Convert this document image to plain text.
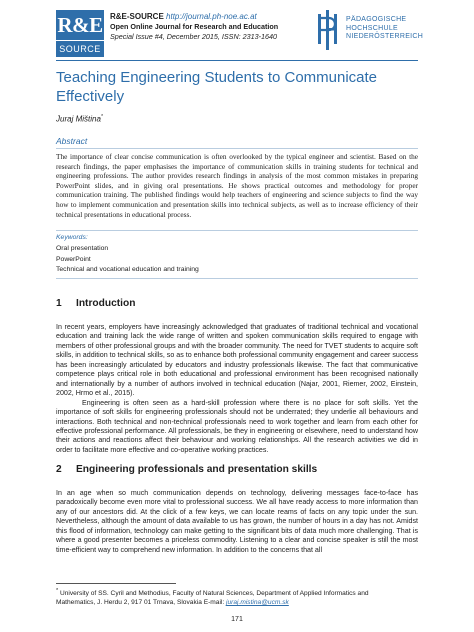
R&E
SOURCE
R&E-SOURCE http://journal.ph-noe.ac.at
Open Online Journal for Research and Education
Special Issue #4, December 2015, ISSN: 2313-1640
PÄDAGOGISCHE
HOCHSCHULE
NIEDERÖSTERREICH
Teaching Engineering Students to Communicate Effectively
Juraj Miština*
Abstract
The importance of clear concise communication is often overlooked by the typical engineer and scientist. Based on the research findings, the paper emphasises the importance of communication skills in training students for technical and engineering professions. The author provides research findings in analysis of the most common mistakes in preparing PowerPoint slides, and in giving oral presentations. He shows practical outcomes and methodology for proper communication training. The published findings would help teachers of engineering and science subjects to find the way how to implement communication and presentation skills into technical subjects, as well as to increase efficiency of their technical presentations in educational process.
Keywords:
Oral presentation
PowerPoint
Technical and vocational education and training
1 Introduction

In recent years, employers have increasingly acknowledged that graduates of traditional technical and vocational education and training lack the wide range of written and spoken communication skills required to engage with members of other professional groups and with the broader community. The need for TVET students to acquire soft skills, in addition to technical skills, so as to enhance both professional community engagement and career success has been increasingly articulated by educators and industry professionals likewise. The fact that communicative competence plays critical role in both educational and professional environment has been recognised nationally and internationally by a number of authors involved in technical education (Najar, 2001, Riemer, 2002, Einstein, 2002, Hrmo et al., 2015).

Engineering is often seen as a hard-skill profession where there is no place for soft skills. Yet the importance of soft skills for engineering professionals should not be underrated; they underlie all behaviours and interactions. Both technical and non-technical professionals need to work together and learn from each other for effective professional performance. All professionals, be they in engineering or elsewhere, need to understand how their actions and reactions affect their behaviour and working relationships. All the research activities we did in order to facilitate more effective and co-operative working practices.

2 Engineering professionals and presentation skills

In an age when so much communication depends on technology, delivering messages face-to-face has paradoxically become even more vital to professional success. We all have ready access to more information than any of our ancestors did. At the click of a few keys, we can locate reams of facts on any topic under the sun. Nevertheless, although the amount of data available to us has grown, the number of hours in a day has not. Amidst this flood of information, technology can make getting to the significant bits of data much more challenging. That is where a good presenter becomes a priceless commodity. Listening to a clear and concise speaker is still the most time-efficient way to comprehend new information. In addition to the concerns that all

* University of SS. Cyril and Methodius, Faculty of Natural Sciences, Department of Applied Informatics and
Mathematics, J. Herdu 2, 917 01 Trnava, Slovakia E-mail: juraj.mistina@ucm.sk
171
